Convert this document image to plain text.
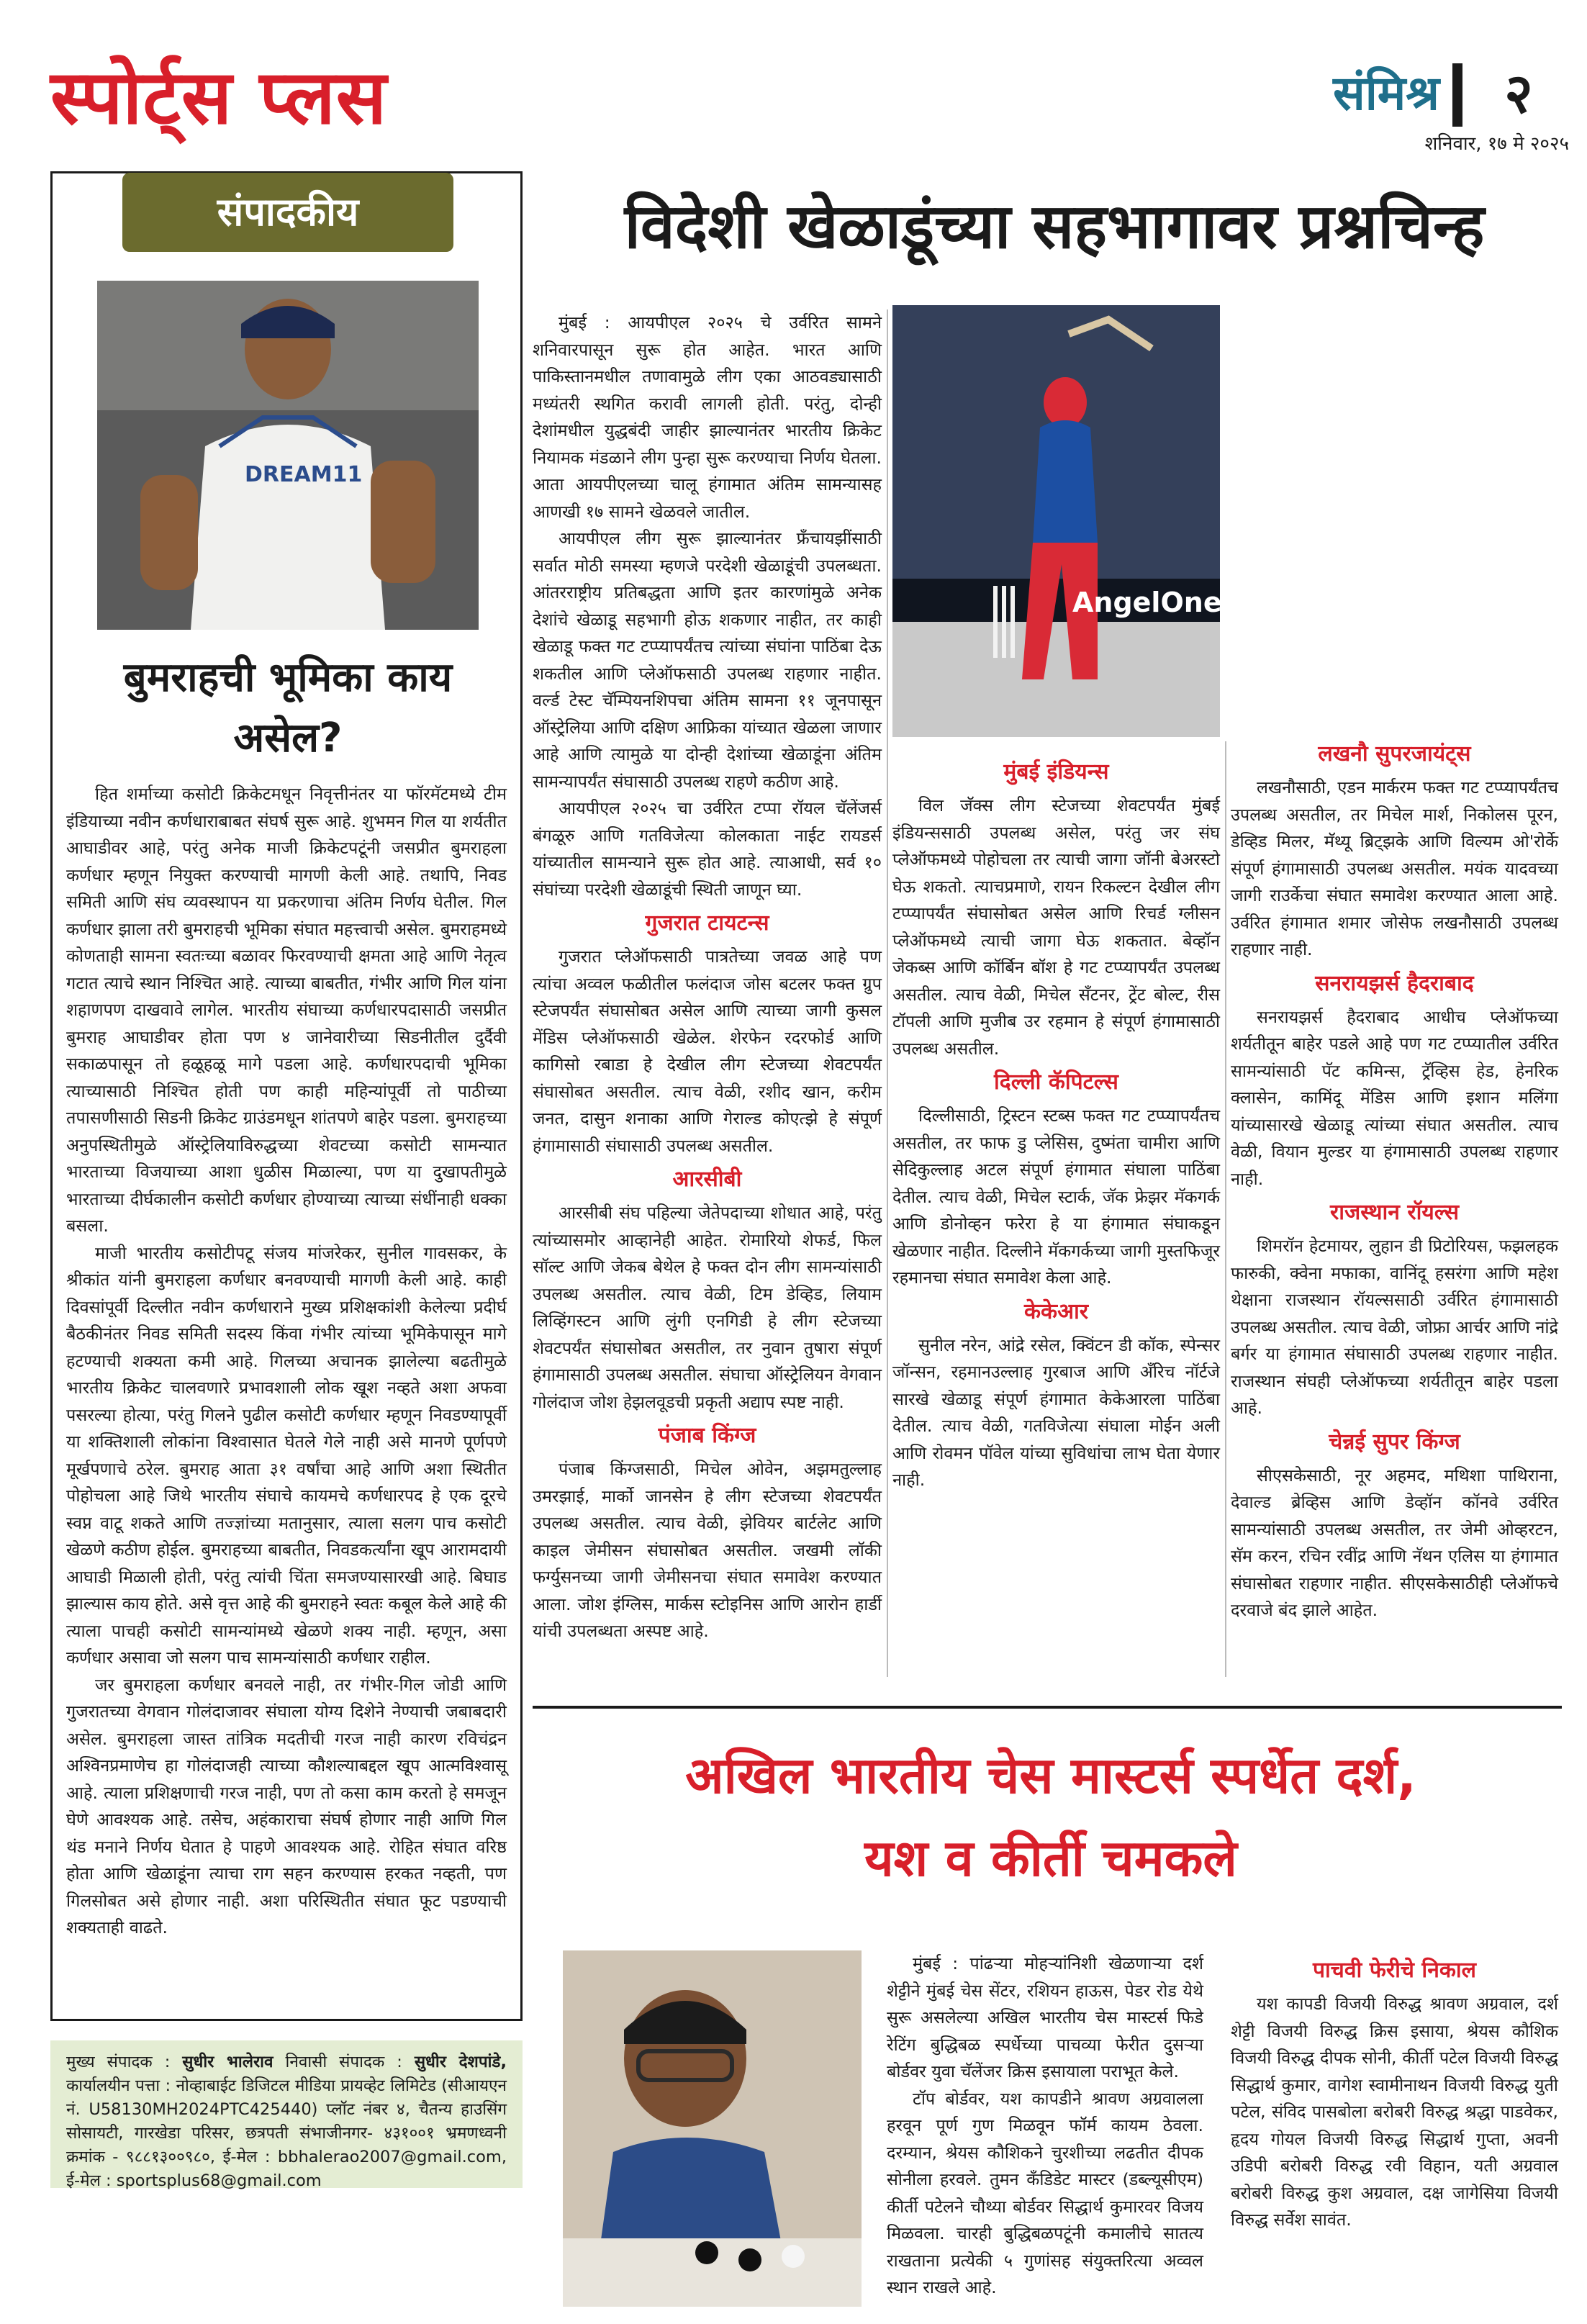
स्पोर्ट्स प्लस	संमिश्र	२
शनिवार, १७ मे २०२५
संपादकीय
DREAM11
बुमराहची भूमिका काय असेल?

हित शर्माच्या कसोटी क्रिकेटमधून निवृत्तीनंतर या फॉरमॅटमध्ये टीम इंडियाच्या नवीन कर्णधाराबाबत संघर्ष सुरू आहे. शुभमन गिल या शर्यतीत आघाडीवर आहे, परंतु अनेक माजी क्रिकेटपटूंनी जसप्रीत बुमराहला कर्णधार म्हणून नियुक्त करण्याची मागणी केली आहे. तथापि, निवड समिती आणि संघ व्यवस्थापन या प्रकरणाचा अंतिम निर्णय घेतील. गिल कर्णधार झाला तरी बुमराहची भूमिका संघात महत्त्वाची असेल. बुमराहमध्ये कोणताही सामना स्वतःच्या बळावर फिरवण्याची क्षमता आहे आणि नेतृत्व गटात त्याचे स्थान निश्चित आहे. त्याच्या बाबतीत, गंभीर आणि गिल यांना शहाणपण दाखवावे लागेल. भारतीय संघाच्या कर्णधारपदासाठी जसप्रीत बुमराह आघाडीवर होता पण ४ जानेवारीच्या सिडनीतील दुर्दैवी सकाळपासून तो हळूहळू मागे पडला आहे. कर्णधारपदाची भूमिका त्याच्यासाठी निश्चित होती पण काही महिन्यांपूर्वी तो पाठीच्या तपासणीसाठी सिडनी क्रिकेट ग्राउंडमधून शांतपणे बाहेर पडला. बुमराहच्या अनुपस्थितीमुळे ऑस्ट्रेलियाविरुद्धच्या शेवटच्या कसोटी सामन्यात भारताच्या विजयाच्या आशा धुळीस मिळाल्या, पण या दुखापतीमुळे भारताच्या दीर्घकालीन कसोटी कर्णधार होण्याच्या त्याच्या संधींनाही धक्का बसला.

माजी भारतीय कसोटीपटू संजय मांजरेकर, सुनील गावसकर, के श्रीकांत यांनी बुमराहला कर्णधार बनवण्याची मागणी केली आहे. काही दिवसांपूर्वी दिल्लीत नवीन कर्णधाराने मुख्य प्रशिक्षकांशी केलेल्या प्रदीर्घ बैठकीनंतर निवड समिती सदस्य किंवा गंभीर त्यांच्या भूमिकेपासून मागे हटण्याची शक्यता कमी आहे. गिलच्या अचानक झालेल्या बढतीमुळे भारतीय क्रिकेट चालवणारे प्रभावशाली लोक खूश नव्हते अशा अफवा पसरल्या होत्या, परंतु गिलने पुढील कसोटी कर्णधार म्हणून निवडण्यापूर्वी या शक्तिशाली लोकांना विश्वासात घेतले गेले नाही असे मानणे पूर्णपणे मूर्खपणाचे ठरेल. बुमराह आता ३१ वर्षांचा आहे आणि अशा स्थितीत पोहोचला आहे जिथे भारतीय संघाचे कायमचे कर्णधारपद हे एक दूरचे स्वप्न वाटू शकते आणि तज्ज्ञांच्या मतानुसार, त्याला सलग पाच कसोटी खेळणे कठीण होईल. बुमराहच्या बाबतीत, निवडकर्त्यांना खूप आरामदायी आघाडी मिळाली होती, परंतु त्यांची चिंता समजण्यासारखी आहे. बिघाड झाल्यास काय होते. असे वृत्त आहे की बुमराहने स्वतः कबूल केले आहे की त्याला पाचही कसोटी सामन्यांमध्ये खेळणे शक्य नाही. म्हणून, असा कर्णधार असावा जो सलग पाच सामन्यांसाठी कर्णधार राहील.

जर बुमराहला कर्णधार बनवले नाही, तर गंभीर-गिल जोडी आणि गुजरातच्या वेगवान गोलंदाजावर संघाला योग्य दिशेने नेण्याची जबाबदारी असेल. बुमराहला जास्त तांत्रिक मदतीची गरज नाही कारण रविचंद्रन अश्विनप्रमाणेच हा गोलंदाजही त्याच्या कौशल्याबद्दल खूप आत्मविश्वासू आहे. त्याला प्रशिक्षणाची गरज नाही, पण तो कसा काम करतो हे समजून घेणे आवश्यक आहे. तसेच, अहंकाराचा संघर्ष होणार नाही आणि गिल थंड मनाने निर्णय घेतात हे पाहणे आवश्यक आहे. रोहित संघात वरिष्ठ होता आणि खेळाडूंना त्याचा राग सहन करण्यास हरकत नव्हती, पण गिलसोबत असे होणार नाही. अशा परिस्थितीत संघात फूट पडण्याची शक्यताही वाढते.

मुख्य संपादक : सुधीर भालेराव निवासी संपादक : सुधीर देशपांडे, कार्यालयीन पत्ता : नोव्हाबाईट डिजिटल मीडिया प्रायव्हेट लिमिटेड (सीआयएन नं. U58130MH2024PTC425440) प्लॉट नंबर ४, चैतन्य हाउसिंग सोसायटी, गारखेडा परिसर, छत्रपती संभाजीनगर- ४३१००१ भ्रमणध्वनी क्रमांक - ९८८१३००९८०, ई-मेल : bbhalerao2007@gmail.com, ई-मेल : sportsplus68@gmail.com
विदेशी खेळाडूंच्या सहभागावर प्रश्नचिन्ह

मुंबई : आयपीएल २०२५ चे उर्वरित सामने शनिवारपासून सुरू होत आहेत. भारत आणि पाकिस्तानमधील तणावामुळे लीग एका आठवड्यासाठी मध्यंतरी स्थगित करावी लागली होती. परंतु, दोन्ही देशांमधील युद्धबंदी जाहीर झाल्यानंतर भारतीय क्रिकेट नियामक मंडळाने लीग पुन्हा सुरू करण्याचा निर्णय घेतला. आता आयपीएलच्या चालू हंगामात अंतिम सामन्यासह आणखी १७ सामने खेळवले जातील.

आयपीएल लीग सुरू झाल्यानंतर फ्रँचायझींसाठी सर्वात मोठी समस्या म्हणजे परदेशी खेळाडूंची उपलब्धता. आंतरराष्ट्रीय प्रतिबद्धता आणि इतर कारणांमुळे अनेक देशांचे खेळाडू सहभागी होऊ शकणार नाहीत, तर काही खेळाडू फक्त गट टप्प्यापर्यंतच त्यांच्या संघांना पाठिंबा देऊ शकतील आणि प्लेऑफसाठी उपलब्ध राहणार नाहीत. वर्ल्ड टेस्ट चॅम्पियनशिपचा अंतिम सामना ११ जूनपासून ऑस्ट्रेलिया आणि दक्षिण आफ्रिका यांच्यात खेळला जाणार आहे आणि त्यामुळे या दोन्ही देशांच्या खेळाडूंना अंतिम सामन्यापर्यंत संघासाठी उपलब्ध राहणे कठीण आहे.

आयपीएल २०२५ चा उर्वरित टप्पा रॉयल चॅलेंजर्स बंगळूरु आणि गतविजेत्या कोलकाता नाईट रायडर्स यांच्यातील सामन्याने सुरू होत आहे. त्याआधी, सर्व १० संघांच्या परदेशी खेळाडूंची स्थिती जाणून घ्या.

गुजरात टायटन्स

गुजरात प्लेऑफसाठी पात्रतेच्या जवळ आहे पण त्यांचा अव्वल फळीतील फलंदाज जोस बटलर फक्त ग्रुप स्टेजपर्यंत संघासोबत असेल आणि त्याच्या जागी कुसल मेंडिस प्लेऑफसाठी खेळेल. शेरफेन रदरफोर्ड आणि कागिसो रबाडा हे देखील लीग स्टेजच्या शेवटपर्यंत संघासोबत असतील. त्याच वेळी, रशीद खान, करीम जनत, दासुन शनाका आणि गेराल्ड कोएत्झे हे संपूर्ण हंगामासाठी संघासाठी उपलब्ध असतील.

आरसीबी

आरसीबी संघ पहिल्या जेतेपदाच्या शोधात आहे, परंतु त्यांच्यासमोर आव्हानेही आहेत. रोमारियो शेफर्ड, फिल सॉल्ट आणि जेकब बेथेल हे फक्त दोन लीग सामन्यांसाठी उपलब्ध असतील. त्याच वेळी, टिम डेव्हिड, लियाम लिव्हिंगस्टन आणि लुंगी एनगिडी हे लीग स्टेजच्या शेवटपर्यंत संघासोबत असतील, तर नुवान तुषारा संपूर्ण हंगामासाठी उपलब्ध असतील. संघाचा ऑस्ट्रेलियन वेगवान गोलंदाज जोश हेझलवूडची प्रकृती अद्याप स्पष्ट नाही.

पंजाब किंग्ज

पंजाब किंग्जसाठी, मिचेल ओवेन, अझमतुल्लाह उमरझाई, मार्को जानसेन हे लीग स्टेजच्या शेवटपर्यंत उपलब्ध असतील. त्याच वेळी, झेवियर बार्टलेट आणि काइल जेमीसन संघासोबत असतील. जखमी लॉकी फर्ग्युसनच्या जागी जेमीसनचा संघात समावेश करण्यात आला. जोश इंग्लिस, मार्कस स्टोइनिस आणि आरोन हार्डी यांची उपलब्धता अस्पष्ट आहे.

AngelOne
मुंबई इंडियन्स

विल जॅक्स लीग स्टेजच्या शेवटपर्यंत मुंबई इंडियन्ससाठी उपलब्ध असेल, परंतु जर संघ प्लेऑफमध्ये पोहोचला तर त्याची जागा जॉनी बेअरस्टो घेऊ शकतो. त्याचप्रमाणे, रायन रिकल्टन देखील लीग टप्प्यापर्यंत संघासोबत असेल आणि रिचर्ड ग्लीसन प्लेऑफमध्ये त्याची जागा घेऊ शकतात. बेव्हॉन जेकब्स आणि कॉर्बिन बॉश हे गट टप्प्यापर्यंत उपलब्ध असतील. त्याच वेळी, मिचेल सँटनर, ट्रेंट बोल्ट, रीस टॉपली आणि मुजीब उर रहमान हे संपूर्ण हंगामासाठी उपलब्ध असतील.

दिल्ली कॅपिटल्स

दिल्लीसाठी, ट्रिस्टन स्टब्स फक्त गट टप्प्यापर्यंतच असतील, तर फाफ डु प्लेसिस, दुष्मंता चामीरा आणि सेदिकुल्लाह अटल संपूर्ण हंगामात संघाला पाठिंबा देतील. त्याच वेळी, मिचेल स्टार्क, जॅक फ्रेझर मॅकगर्क आणि डोनोव्हन फरेरा हे या हंगामात संघाकडून खेळणार नाहीत. दिल्लीने मॅकगर्कच्या जागी मुस्तफिजूर रहमानचा संघात समावेश केला आहे.

केकेआर

सुनील नरेन, आंद्रे रसेल, क्विंटन डी कॉक, स्पेन्सर जॉन्सन, रहमानउल्लाह गुरबाज आणि अँरिच नॉर्टजे सारखे खेळाडू संपूर्ण हंगामात केकेआरला पाठिंबा देतील. त्याच वेळी, गतविजेत्या संघाला मोईन अली आणि रोवमन पॉवेल यांच्या सुविधांचा लाभ घेता येणार नाही.

लखनौ सुपरजायंट्स

लखनौसाठी, एडन मार्करम फक्त गट टप्प्यापर्यंतच उपलब्ध असतील, तर मिचेल मार्श, निकोलस पूरन, डेव्हिड मिलर, मॅथ्यू ब्रिट्झके आणि विल्यम ओ'रोर्के संपूर्ण हंगामासाठी उपलब्ध असतील. मयंक यादवच्या जागी राउर्केचा संघात समावेश करण्यात आला आहे. उर्वरित हंगामात शमार जोसेफ लखनौसाठी उपलब्ध राहणार नाही.

सनरायझर्स हैदराबाद

सनरायझर्स हैदराबाद आधीच प्लेऑफच्या शर्यतीतून बाहेर पडले आहे पण गट टप्प्यातील उर्वरित सामन्यांसाठी पॅट कमिन्स, ट्रॅव्हिस हेड, हेनरिक क्लासेन, कामिंदू मेंडिस आणि इशान मलिंगा यांच्यासारखे खेळाडू त्यांच्या संघात असतील. त्याच वेळी, वियान मुल्डर या हंगामासाठी उपलब्ध राहणार नाही.

राजस्थान रॉयल्स

शिमरॉन हेटमायर, लुहान डी प्रिटोरियस, फझलहक फारुकी, क्वेना मफाका, वानिंदू हसरंगा आणि महेश थेक्षाना राजस्थान रॉयल्ससाठी उर्वरित हंगामासाठी उपलब्ध असतील. त्याच वेळी, जोफ्रा आर्चर आणि नांद्रे बर्गर या हंगामात संघासाठी उपलब्ध राहणार नाहीत. राजस्थान संघही प्लेऑफच्या शर्यतीतून बाहेर पडला आहे.

चेन्नई सुपर किंग्ज

सीएसकेसाठी, नूर अहमद, मथिशा पाथिराना, देवाल्ड ब्रेव्हिस आणि डेव्हॉन कॉनवे उर्वरित सामन्यांसाठी उपलब्ध असतील, तर जेमी ओव्हरटन, सॅम करन, रचिन रवींद्र आणि नॅथन एलिस या हंगामात संघासोबत राहणार नाहीत. सीएसकेसाठीही प्लेऑफचे दरवाजे बंद झाले आहेत.

अखिल भारतीय चेस मास्टर्स स्पर्धेत दर्श,
यश व कीर्ती चमकले

मुंबई : पांढऱ्या मोहऱ्यांनिशी खेळणाऱ्या दर्श शेट्टीने मुंबई चेस सेंटर, रशियन हाऊस, पेडर रोड येथे सुरू असलेल्या अखिल भारतीय चेस मास्टर्स फिडे रेटिंग बुद्धिबळ स्पर्धेच्या पाचव्या फेरीत दुसऱ्या बोर्डवर युवा चॅलेंजर क्रिस इसायाला पराभूत केले.

टॉप बोर्डवर, यश कापडीने श्रावण अग्रवालला हरवून पूर्ण गुण मिळवून फॉर्म कायम ठेवला. दरम्यान, श्रेयस कौशिकने चुरशीच्या लढतीत दीपक सोनीला हरवले. तुमन कॅंडिडेट मास्टर (डब्ल्यूसीएम) कीर्ती पटेलने चौथ्या बोर्डवर सिद्धार्थ कुमारवर विजय मिळवला. चारही बुद्धिबळपटूंनी कमालीचे सातत्य राखताना प्रत्येकी ५ गुणांसह संयुक्तरित्या अव्वल स्थान राखले आहे.

पाचवी फेरीचे निकाल

यश कापडी विजयी विरुद्ध श्रावण अग्रवाल, दर्श शेट्टी विजयी विरुद्ध क्रिस इसाया, श्रेयस कौशिक विजयी विरुद्ध दीपक सोनी, कीर्ती पटेल विजयी विरुद्ध सिद्धार्थ कुमार, वागेश स्वामीनाथन विजयी विरुद्ध युती पटेल, संविद पासबोला बरोबरी विरुद्ध श्रद्धा पाडवेकर, हृदय गोयल विजयी विरुद्ध सिद्धार्थ गुप्ता, अवनी उडिपी बरोबरी विरुद्ध रवी विहान, यती अग्रवाल बरोबरी विरुद्ध कुश अग्रवाल, दक्ष जागेसिया विजयी विरुद्ध सर्वेश सावंत.
